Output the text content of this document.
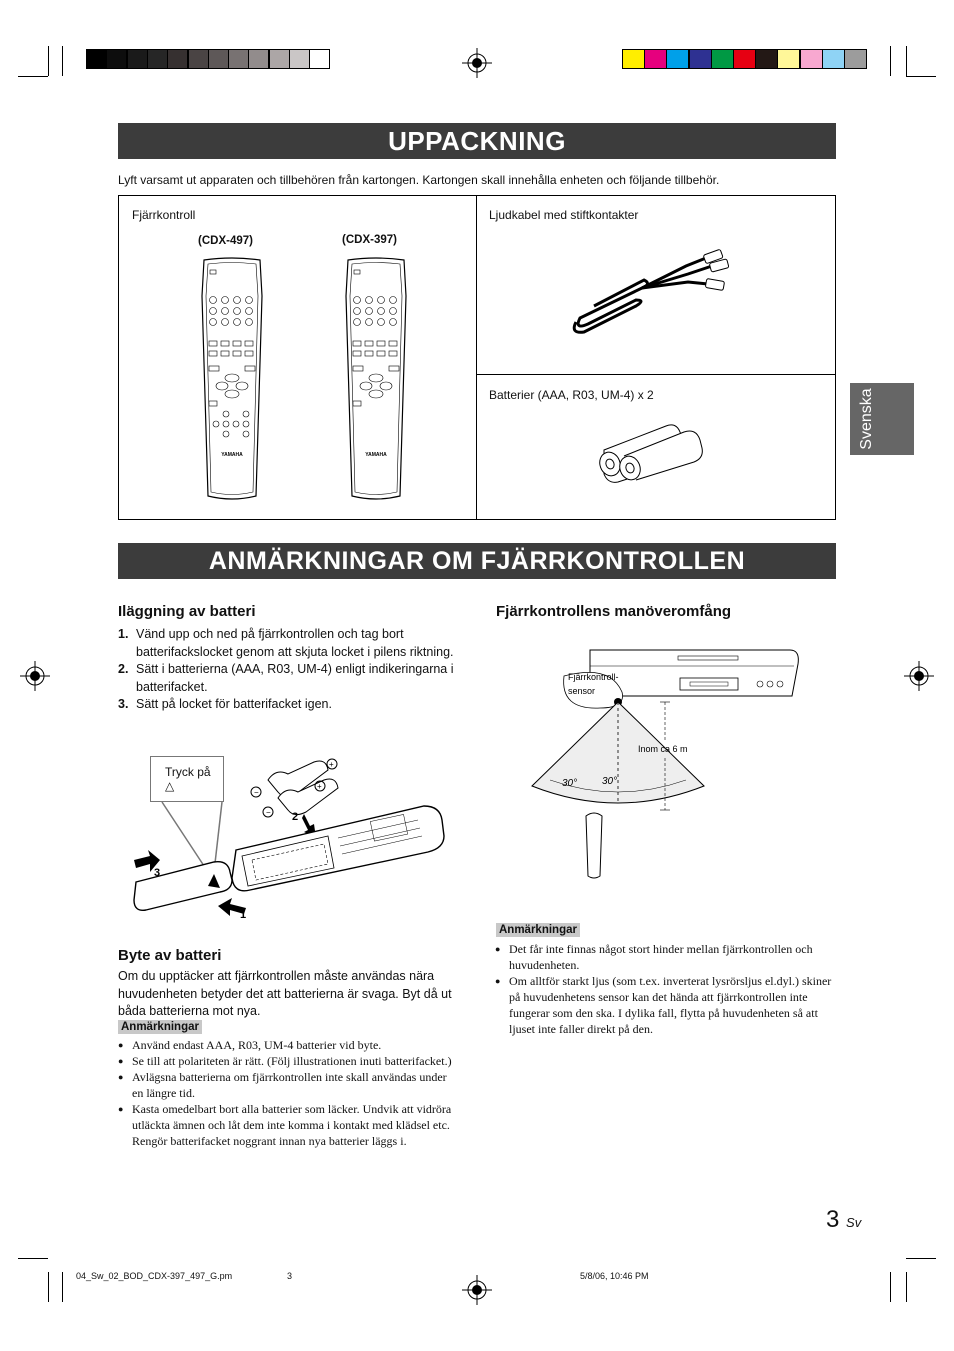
UPPACKNING
Lyft varsamt ut apparaten och tillbehören från kartongen. Kartongen skall innehålla enheten och följande tillbehör.
Fjärrkontroll
(CDX-497)	(CDX-397)
YAMAHA	YAMAHA
Ljudkabel med stiftkontakter
Batterier (AAA, R03, UM-4) x 2	Svenska
ANMÄRKNINGAR OM FJÄRRKONTROLLEN
Iläggning av batteri
1. Vänd upp och ned på fjärrkontrollen och tag bort batterifackslocket genom att skjuta locket i pilens riktning.
2. Sätt i batterierna (AAA, R03, UM-4) enligt indikeringarna i batterifacket.
3. Sätt på locket för batterifacket igen.
Tryck på
△
+
+
−
− 2
3
1
Byte av batteri
Om du upptäcker att fjärrkontrollen måste användas nära huvudenheten betyder det att batterierna är svaga. Byt då ut båda batterierna mot nya.
Anmärkningar
● Använd endast AAA, R03, UM-4 batterier vid byte.
● Se till att polariteten är rätt. (Följ illustrationen inuti batterifacket.)
● Avlägsna batterierna om fjärrkontrollen inte skall användas under en längre tid.
● Kasta omedelbart bort alla batterier som läcker. Undvik att vidröra utläckta ämnen och låt dem inte komma i kontakt med klädsel etc. Rengör batterifacket noggrant innan nya batterier läggs i.
Fjärrkontrollens manöveromfång
Fjärrkontroll-
sensor
30° 30°
Inom ca 6 m
Anmärkningar
● Det får inte finnas något stort hinder mellan fjärrkontrollen och huvudenheten.
● Om alltför starkt ljus (som t.ex. inverterat lysrörsljus el.dyl.) skiner på huvudenhetens sensor kan det hända att fjärrkontrollen inte fungerar som den ska. I dylika fall, flytta på huvudenheten så att ljuset inte faller direkt på den.
3 Sv
04_Sw_02_BOD_CDX-397_497_G.pm	3	5/8/06, 10:46 PM
